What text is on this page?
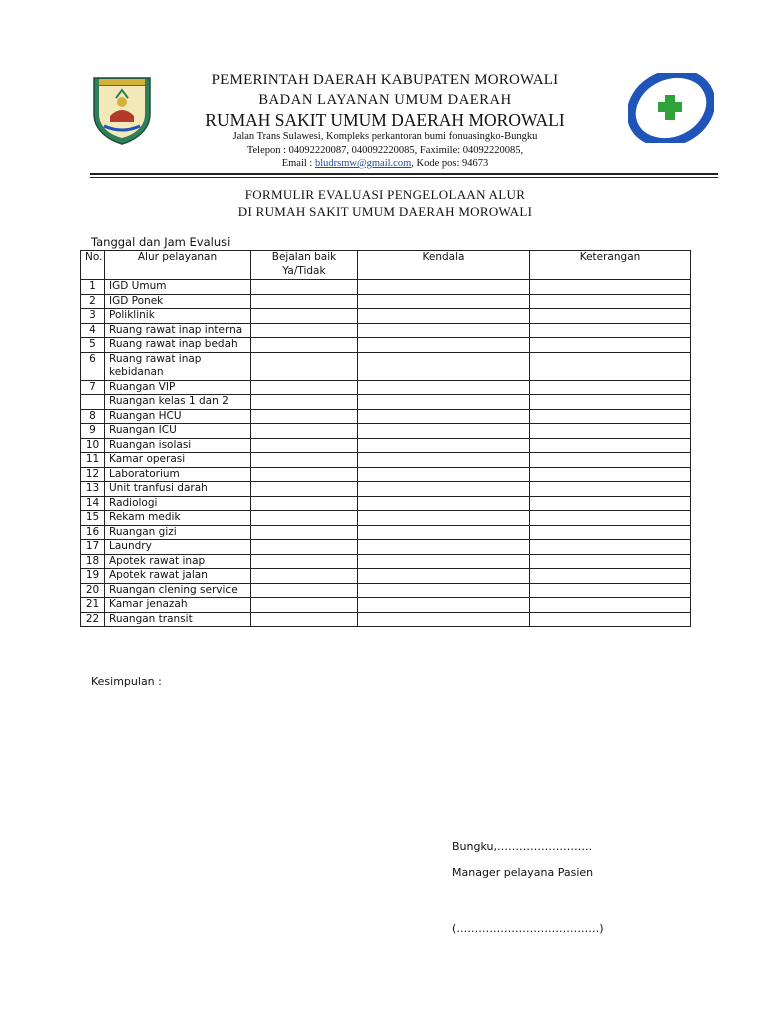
PEMERINTAH DAERAH KABUPATEN MOROWALI
BADAN LAYANAN UMUM DAERAH
RUMAH SAKIT UMUM DAERAH MOROWALI
Jalan Trans Sulawesi, Kompleks perkantoran bumi fonuasingko-Bungku
Telepon : 04092220087, 040092220085, Faximile: 04092220085,
Email : bludrsmw@gmail.com, Kode pos: 94673
FORMULIR EVALUASI PENGELOLAAN ALUR
DI RUMAH SAKIT UMUM DAERAH MOROWALI
Tanggal dan Jam Evalusi
No.	Alur pelayanan	Bejalan baik Ya/Tidak	Kendala	Keterangan
1	IGD Umum			
2	IGD Ponek			
3	Poliklinik			
4	Ruang rawat inap interna			
5	Ruang rawat inap bedah			
6	Ruang rawat inap kebidanan			
7	Ruangan VIP			
	Ruangan kelas 1 dan 2			
8	Ruangan HCU			
9	Ruangan ICU			
10	Ruangan isolasi			
11	Kamar operasi			
12	Laboratorium			
13	Unit tranfusi darah			
14	Radiologi			
15	Rekam medik			
16	Ruangan gizi			
17	Laundry			
18	Apotek rawat inap			
19	Apotek rawat jalan			
20	Ruangan clening service			
21	Kamar jenazah			
22	Ruangan transit			
Kesimpulan :
Bungku,……………………..
Manager pelayana Pasien
(…………………………………)
